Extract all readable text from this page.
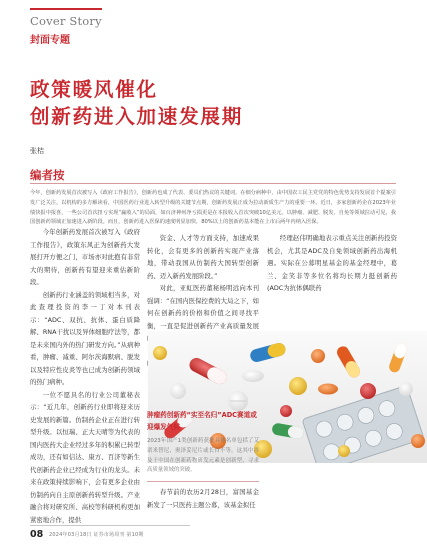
Cover Story
封面专题
政策暖风催化
创新药进入加速发展期
张桔
编者按
今年，创新药发展首次被写入《政府工作报告》，创新药也成了代表、委员们热议的关键词。在细分病种中，由中国农工民主党党的特色优势支持发展首个提案引发广泛关注。以机构的多方解读看，中国医药行业进入转型升级的关键节点期，创新药发展正成为拉动新质生产力的重要一环。近日，多家创新药企在2023年业绩快报中报喜，一些公司首次扭亏实现“赢收入”的局面，如百济神州净亏损更是在本报收入首次突破10亿美元。以肿瘤、减肥、脱发、自免等领域拉动可见，我国创新药领域正加速进入新阶段。而且，创新药进入医保的速度明显加快，80%以上的创新药基本能在上市后两年内纳入医保。

今年创新药发展首次被写入《政府工作报告》，政策东风正为创新药大发展打开方便之门，市场亦对此抱有非常大的期待，创新药有望迎来重估新阶段。

创新药行业涵盖的领域相当多，对此查理投资的李一丁对本刊表示：“ADC、双抗、抗体、蛋白质降解、RNA干扰以及异体细胞疗法等，都是未来国内外的热门研发方向。”从病种看，肿瘤、减重、阿尔茨海默病、脱发以及特应性皮炎等也已成为创新药领域的热门病种。

一位不愿具名的行业公司董秘表示：“近几年，创新药行业即将迎来历史发展的新篇。仿制药企业正在进行转型升级。以恒瑞、正大天晴等为代表的国内医药大企业经过多年的积累已转型成功，还有如信达、康方、百济等新生代创新药企业已经成为行业的龙头。未来在政策持续影响下，会有更多企业由仿制药向自主原创新药转型升级。产业融合将对研究所、高校等科研机构更加紧密地合作，提供

资金、人才等方面支持，加速成果转化，会有更多的创新药实现产业落地，带动我国从仿制药大国转型创新药、迈入新药发展阶段。”

对此，亚虹医药董秘杨明远向本刊强调：“在国内医保控费的大局之下，如何在创新药的价格和价值之间寻找平衡，一直是促进创新药产业高质量发展

经理赵伟明确地表示重点关注创新药投资机会，尤其是ADC及自免领域创新药出海机遇。实际在公募明星基金的基金经理中，葛兰、金笑非等多位名将均长期力挺创新药(ADC为抗体偶联药

肿瘤药创新药“实至名归”ADC赛道或迎爆发气候
2023年国产1类创新药获批具体名单包括了艾诺米替尼、奥泽妥尼片或长自不等。这其中涉及于中国在创新药物研发元素是创新型，寻求高质量领域的突破。
春节前的农历2月28日，富国基金新发了一只医药主题公募，该基金拟任
08 2024年03月18日 证券市场周刊 第10期
